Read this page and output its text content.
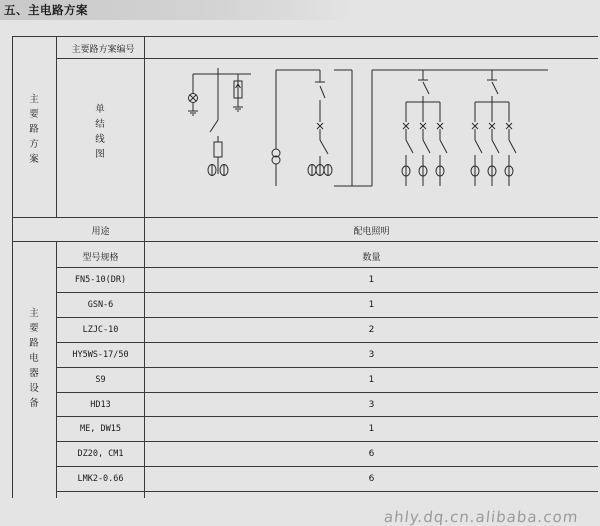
五、主电路方案
主要路方案编号
主要路方案
主要路电器设备
单结线图
用途	配电照明
型号规格	数量
FN5-10(DR)	1
GSN-6	1
LZJC-10	2
HY5WS-17/50	3
S9	1
HD13	3
ME, DW15	1
DZ20, CM1	6
LMK2-0.66	6
ahly.dq.cn.alibaba.com
